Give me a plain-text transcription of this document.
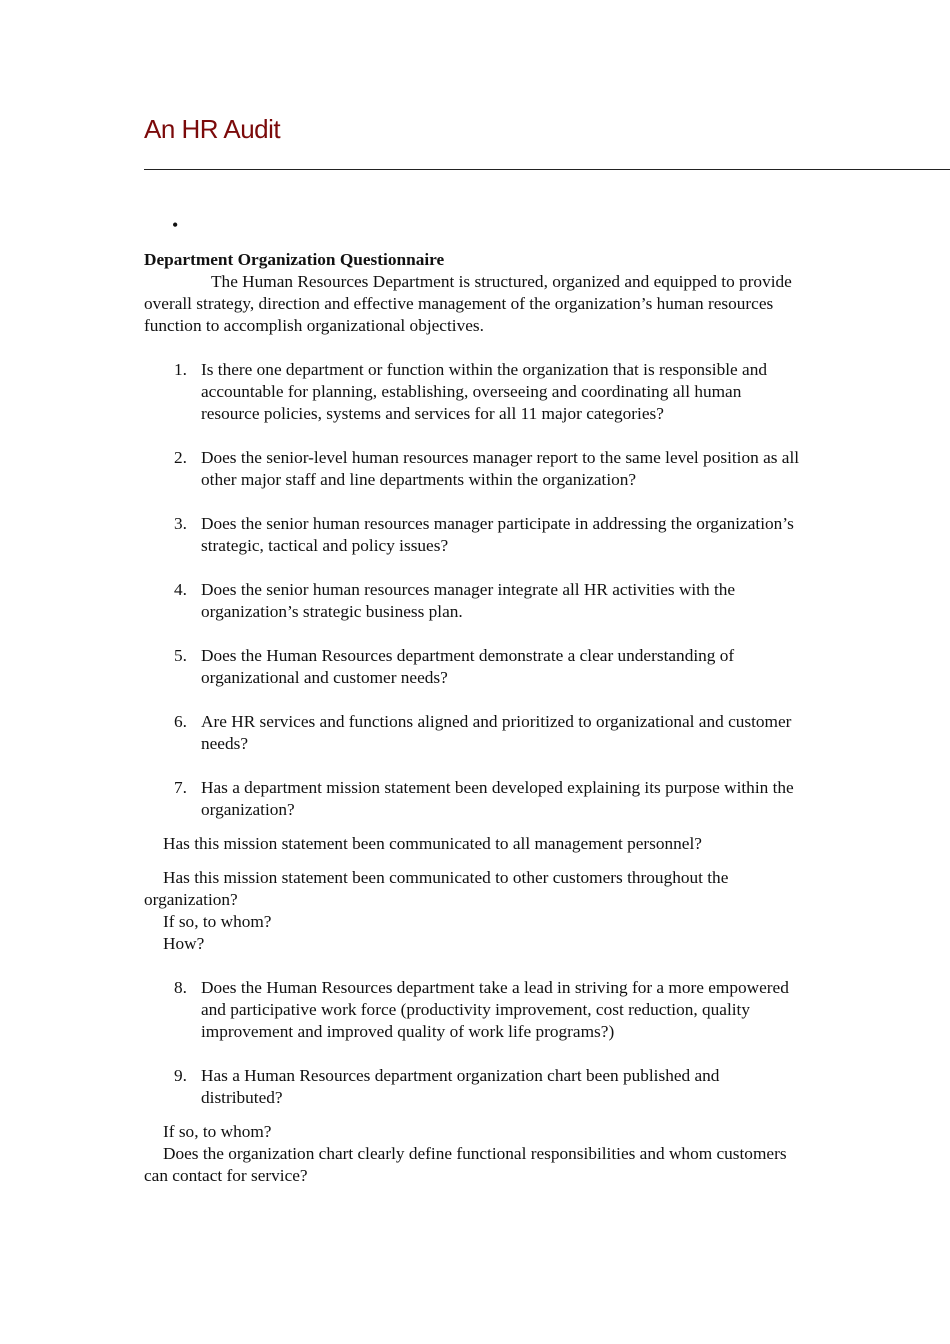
An HR Audit
•

Department Organization Questionnaire

The Human Resources Department is structured, organized and equipped to provide overall strategy, direction and effective management of the organization’s human resources function to accomplish organizational objectives.

1. Is there one department or function within the organization that is responsible and accountable for planning, establishing, overseeing and coordinating all human resource policies, systems and services for all 11 major categories?
2. Does the senior-level human resources manager report to the same level position as all other major staff and line departments within the organization?
3. Does the senior human resources manager participate in addressing the organization’s strategic, tactical and policy issues?
4. Does the senior human resources manager integrate all HR activities with the organization’s strategic business plan.
5. Does the Human Resources department demonstrate a clear understanding of organizational and customer needs?
6. Are HR services and functions aligned and prioritized to organizational and customer needs?
7. Has a department mission statement been developed explaining its purpose within the organization?

Has this mission statement been communicated to all management personnel?

Has this mission statement been communicated to other customers throughout the organization?

If so, to whom?

How?

8. Does the Human Resources department take a lead in striving for a more empowered and participative work force (productivity improvement, cost reduction, quality improvement and improved quality of work life programs?)
9. Has a Human Resources department organization chart been published and distributed?

If so, to whom?

Does the organization chart clearly define functional responsibilities and whom customers can contact for service?
